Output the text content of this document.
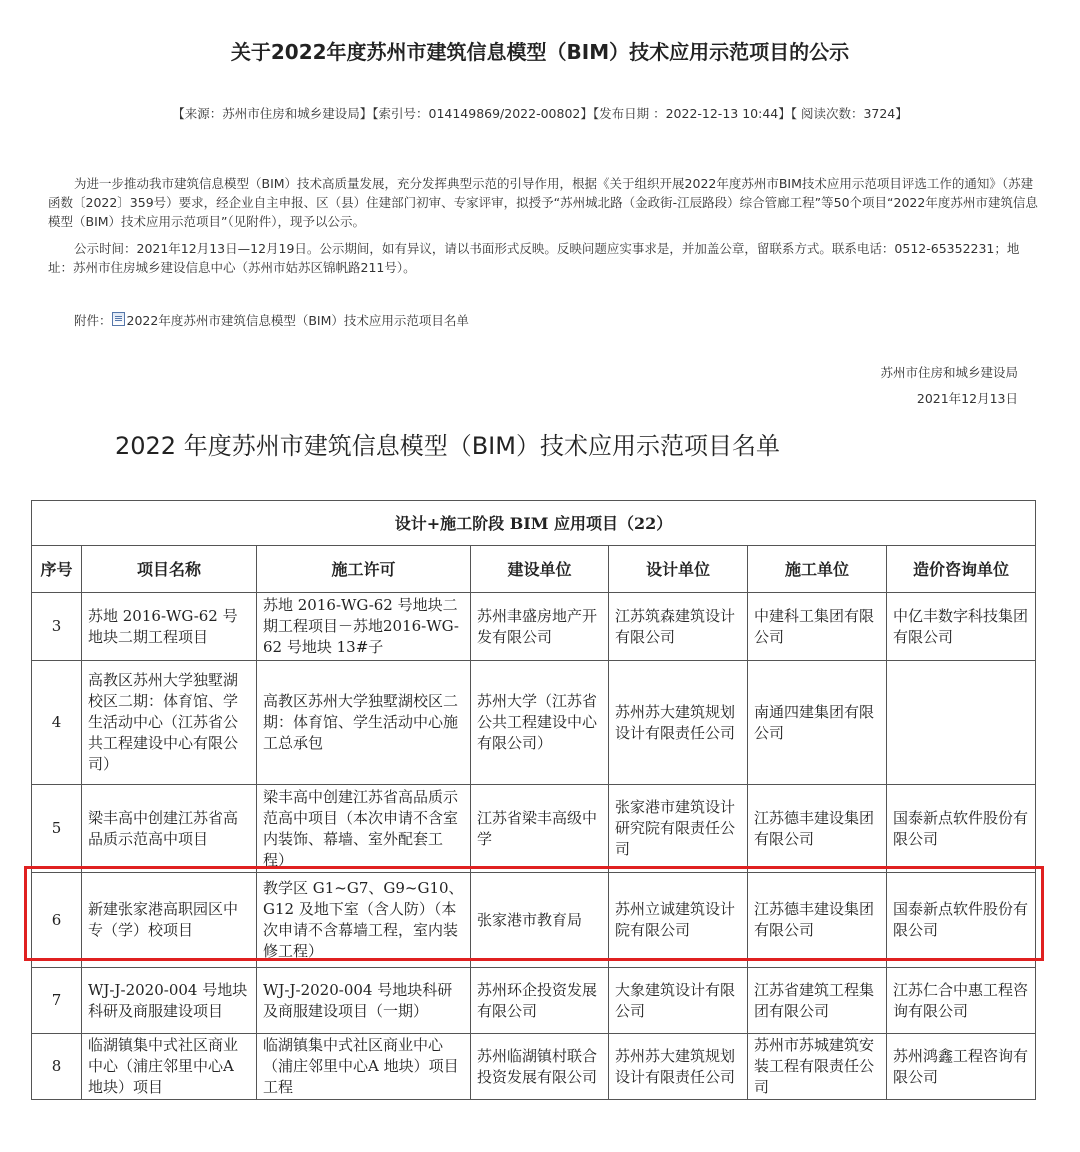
关于2022年度苏州市建筑信息模型（BIM）技术应用示范项目的公示
【来源：苏州市住房和城乡建设局】【索引号：014149869/2022-00802】【发布日期 ：2022-12-13 10:44】【 阅读次数：3724】
为进一步推动我市建筑信息模型（BIM）技术高质量发展，充分发挥典型示范的引导作用，根据《关于组织开展2022年度苏州市BIM技术应用示范项目评选工作的通知》（苏建函数〔2022〕359号）要求，经企业自主申报、区（县）住建部门初审、专家评审，拟授予“苏州城北路（金政街-江辰路段）综合管廊工程”等50个项目“2022年度苏州市建筑信息模型（BIM）技术应用示范项目”（见附件），现予以公示。
公示时间：2021年12月13日—12月19日。公示期间，如有异议，请以书面形式反映。反映问题应实事求是，并加盖公章，留联系方式。联系电话：0512-65352231；地址：苏州市住房城乡建设信息中心（苏州市姑苏区锦帆路211号）。
附件： 2022年度苏州市建筑信息模型（BIM）技术应用示范项目名单
苏州市住房和城乡建设局
2021年12月13日
2022 年度苏州市建筑信息模型（BIM）技术应用示范项目名单
设计+施工阶段 BIM 应用项目（22）						
序号	项目名称	施工许可	建设单位	设计单位	施工单位	造价咨询单位
3	苏地 2016-WG-62 号地块二期工程项目	苏地 2016-WG-62 号地块二期工程项目－苏地2016-WG-62 号地块 13#子	苏州聿盛房地产开发有限公司	江苏筑森建筑设计有限公司	中建科工集团有限公司	中亿丰数字科技集团有限公司
4	高教区苏州大学独墅湖校区二期：体育馆、学生活动中心（江苏省公共工程建设中心有限公司）	高教区苏州大学独墅湖校区二期：体育馆、学生活动中心施工总承包	苏州大学（江苏省公共工程建设中心有限公司）	苏州苏大建筑规划设计有限责任公司	南通四建集团有限公司	
5	梁丰高中创建江苏省高品质示范高中项目	梁丰高中创建江苏省高品质示范高中项目（本次申请不含室内装饰、幕墙、室外配套工程）	江苏省梁丰高级中学	张家港市建筑设计研究院有限责任公司	江苏德丰建设集团有限公司	国泰新点软件股份有限公司
6	新建张家港高职园区中专（学）校项目	教学区 G1~G7、G9~G10、G12 及地下室（含人防）（本次申请不含幕墙工程，室内装修工程）	张家港市教育局	苏州立诚建筑设计院有限公司	江苏德丰建设集团有限公司	国泰新点软件股份有限公司
7	WJ-J-2020-004 号地块科研及商服建设项目	WJ-J-2020-004 号地块科研及商服建设项目（一期）	苏州环企投资发展有限公司	大象建筑设计有限公司	江苏省建筑工程集团有限公司	江苏仁合中惠工程咨询有限公司
8	临湖镇集中式社区商业中心（浦庄邻里中心A 地块）项目	临湖镇集中式社区商业中心（浦庄邻里中心A 地块）项目工程	苏州临湖镇村联合投资发展有限公司	苏州苏大建筑规划设计有限责任公司	苏州市苏城建筑安装工程有限责任公司	苏州鸿鑫工程咨询有限公司
